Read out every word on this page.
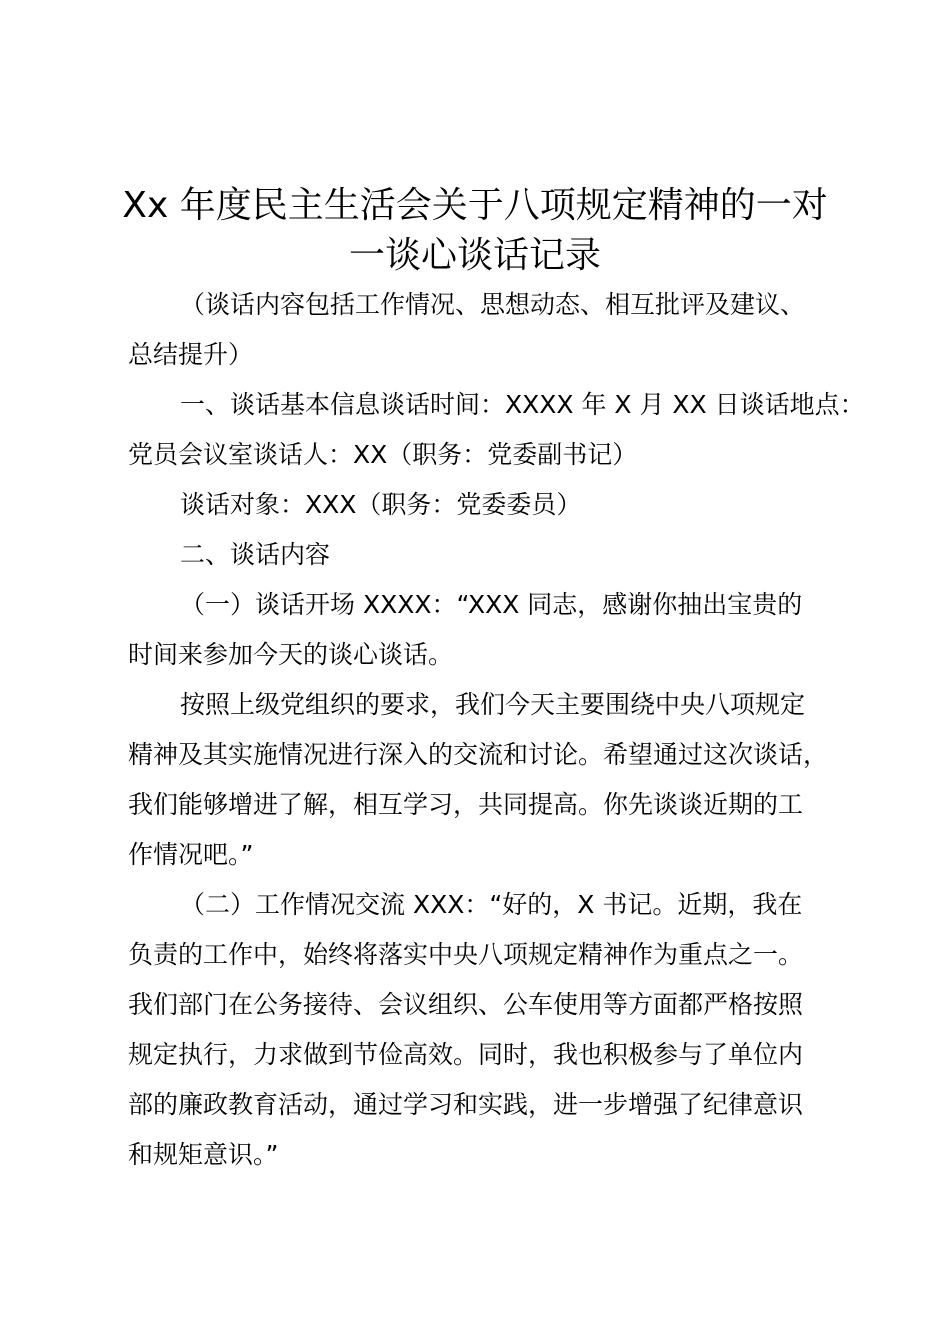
Xx 年度民主生活会关于八项规定精神的一对
一谈心谈话记录

（谈话内容包括工作情况、思想动态、相互批评及建议、

总结提升）

一、谈话基本信息谈话时间：XXXX 年 X 月 XX 日谈话地点：

党员会议室谈话人：XX（职务：党委副书记）

谈话对象：XXX（职务：党委委员）

二、谈话内容

（一）谈话开场 XXXX：“XXX 同志，感谢你抽出宝贵的

时间来参加今天的谈心谈话。

按照上级党组织的要求，我们今天主要围绕中央八项规定

精神及其实施情况进行深入的交流和讨论。希望通过这次谈话，

我们能够增进了解，相互学习，共同提高。你先谈谈近期的工

作情况吧。”

（二）工作情况交流 XXX：“好的，X 书记。近期，我在

负责的工作中，始终将落实中央八项规定精神作为重点之一。

我们部门在公务接待、会议组织、公车使用等方面都严格按照

规定执行，力求做到节俭高效。同时，我也积极参与了单位内

部的廉政教育活动，通过学习和实践，进一步增强了纪律意识

和规矩意识。”
